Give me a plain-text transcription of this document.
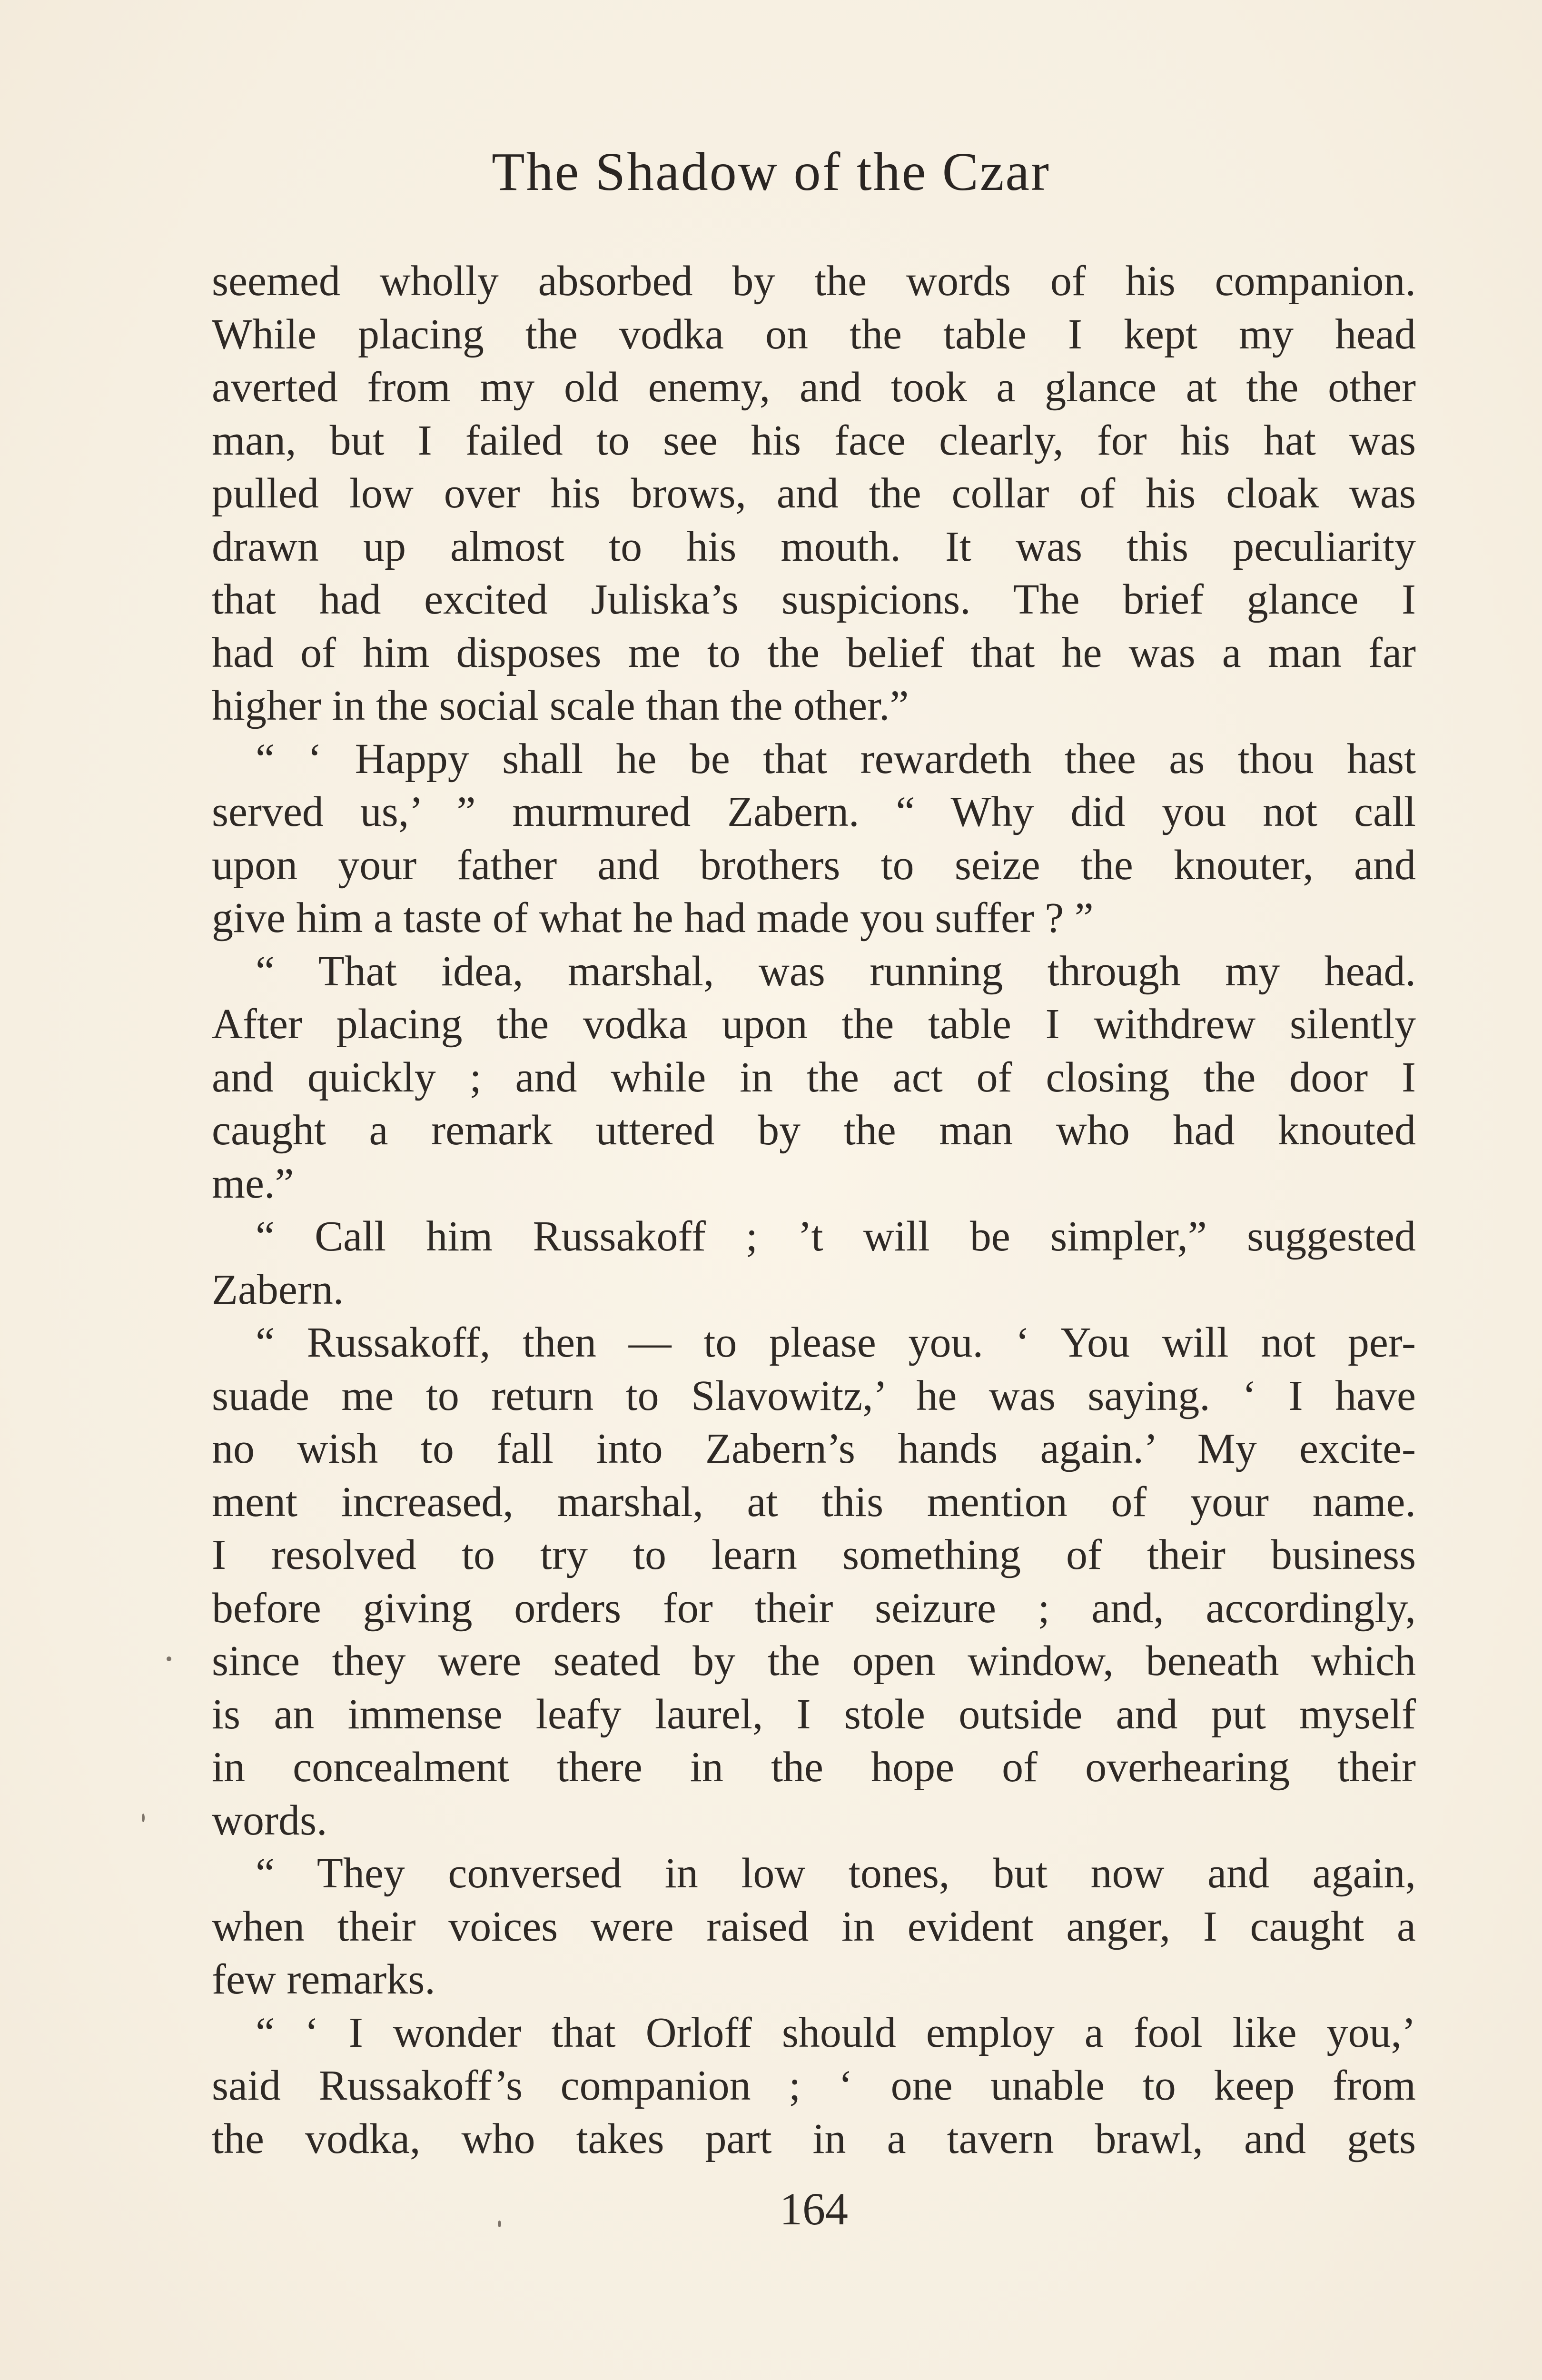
The Shadow of the Czar
seemed wholly absorbed by the words of his companion.
While placing the vodka on the table I kept my head
averted from my old enemy, and took a glance at the other
man, but I failed to see his face clearly, for his hat was
pulled low over his brows, and the collar of his cloak was
drawn up almost to his mouth. It was this peculiarity
that had excited Juliska’s suspicions. The brief glance I
had of him disposes me to the belief that he was a man far
higher in the social scale than the other.”
“ ‘ Happy shall he be that rewardeth thee as thou hast
served us,’ ” murmured Zabern. “ Why did you not call
upon your father and brothers to seize the knouter, and
give him a taste of what he had made you suffer ? ”
“ That idea, marshal, was running through my head.
After placing the vodka upon the table I withdrew silently
and quickly ; and while in the act of closing the door I
caught a remark uttered by the man who had knouted
me.”
“ Call him Russakoff ; ’t will be simpler,” suggested
Zabern.
“ Russakoff, then — to please you. ‘ You will not per-
suade me to return to Slavowitz,’ he was saying. ‘ I have
no wish to fall into Zabern’s hands again.’ My excite-
ment increased, marshal, at this mention of your name.
I resolved to try to learn something of their business
before giving orders for their seizure ; and, accordingly,
since they were seated by the open window, beneath which
is an immense leafy laurel, I stole outside and put myself
in concealment there in the hope of overhearing their
words.
“ They conversed in low tones, but now and again,
when their voices were raised in evident anger, I caught a
few remarks.
“ ‘ I wonder that Orloff should employ a fool like you,’
said Russakoff’s companion ; ‘ one unable to keep from
the vodka, who takes part in a tavern brawl, and gets
164
